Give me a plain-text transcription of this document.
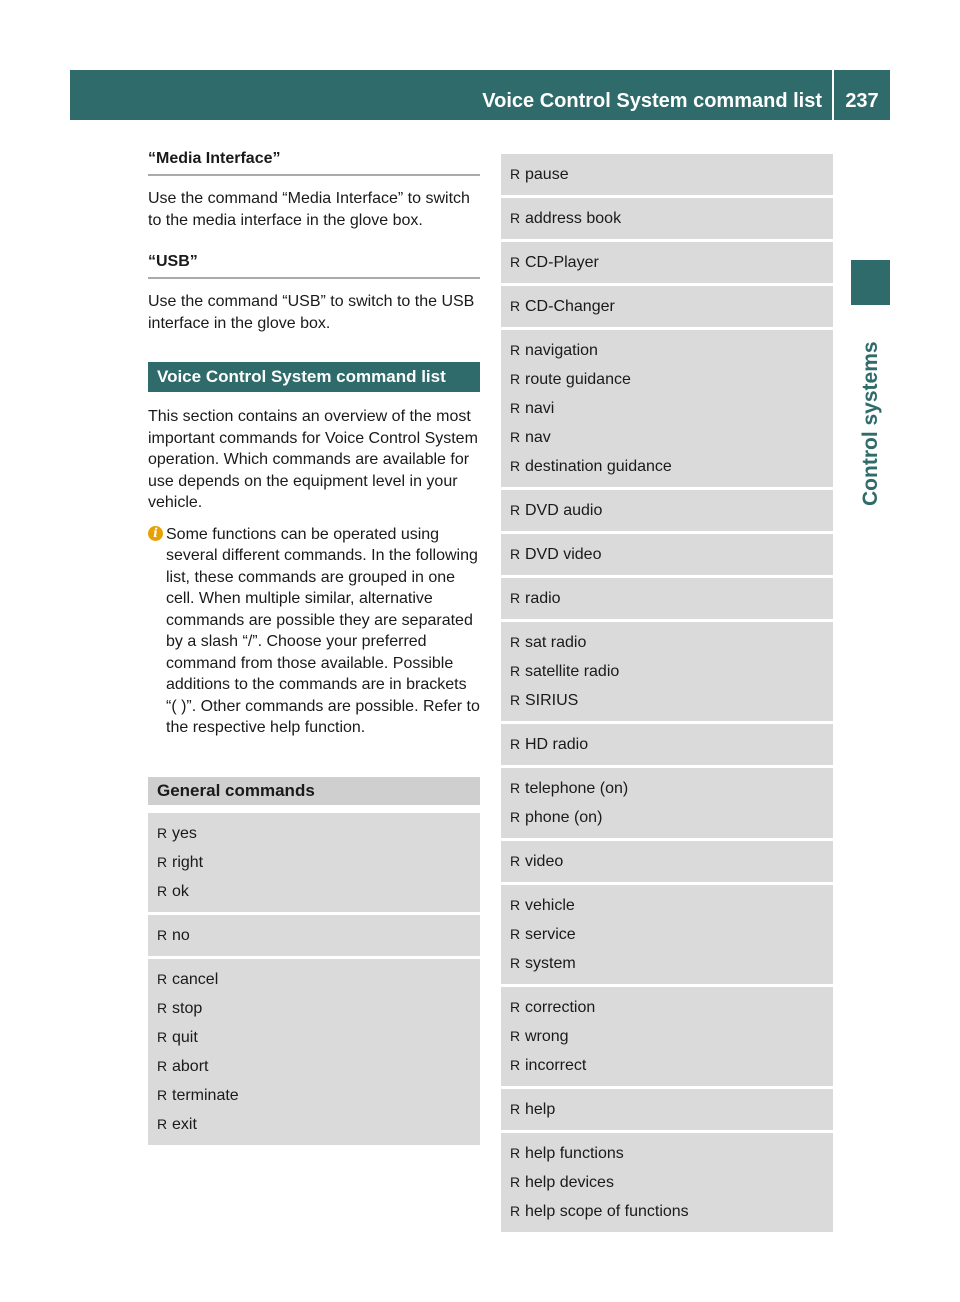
Voice Control System command list	237
Control systems
“Media Interface”

Use the command “Media Interface” to switch to the media interface in the glove box.

“USB”

Use the command “USB” to switch to the USB interface in the glove box.

Voice Control System command list

This section contains an overview of the most important commands for Voice Control System operation. Which commands are available for use depends on the equipment level in your vehicle.

i Some functions can be operated using several different commands. In the following list, these commands are grouped in one cell. When multiple similar, alternative commands are possible they are separated by a slash “/”. Choose your preferred command from those available. Possible additions to the commands are in brackets “( )”. Other commands are possible. Refer to the respective help function.
General commands
R yes
R right
R ok
R no
R cancel
R stop
R quit
R abort
R terminate
R exit
R pause
R address book
R CD-Player
R CD-Changer
R navigation
R route guidance
R navi
R nav
R destination guidance
R DVD audio
R DVD video
R radio
R sat radio
R satellite radio
R SIRIUS
R HD radio
R telephone (on)
R phone (on)
R video
R vehicle
R service
R system
R correction
R wrong
R incorrect
R help
R help functions
R help devices
R help scope of functions
